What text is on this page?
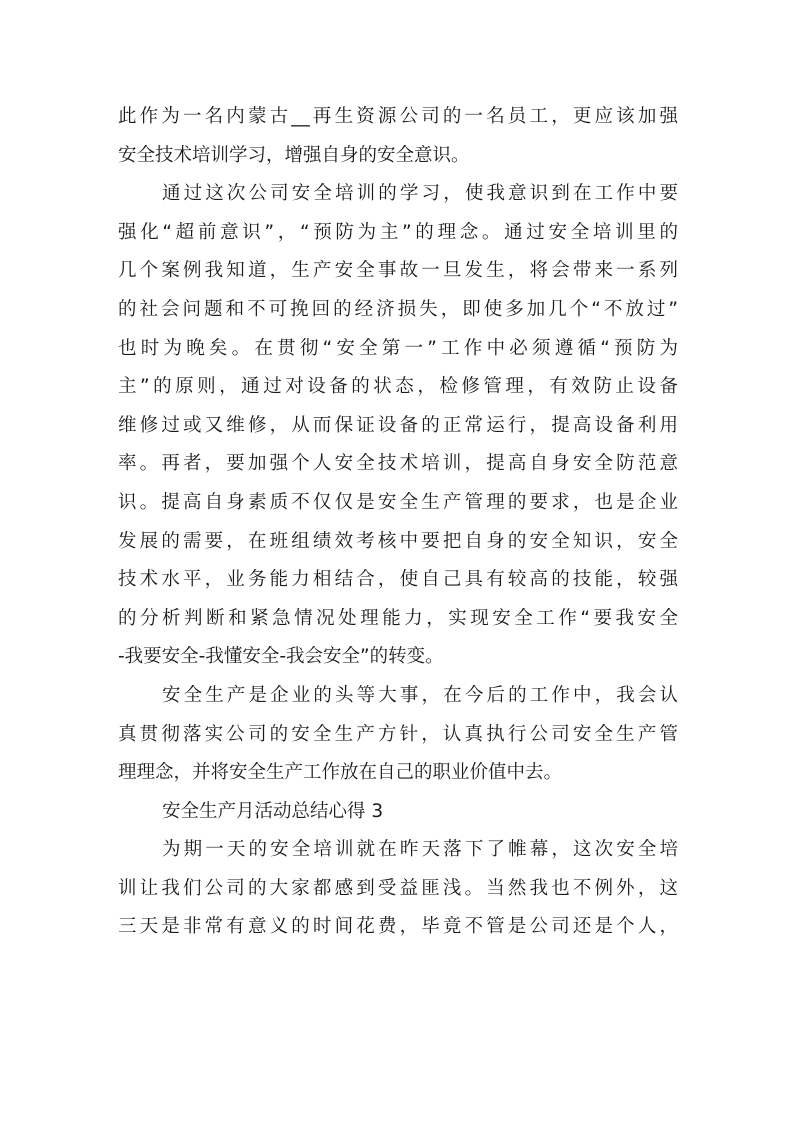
此作为一名内蒙古__再生资源公司的一名员工，更应该加强
安全技术培训学习，增强自身的安全意识。
通过这次公司安全培训的学习，使我意识到在工作中要
强化“超前意识”，“预防为主”的理念。通过安全培训里的
几个案例我知道，生产安全事故一旦发生，将会带来一系列
的社会问题和不可挽回的经济损失，即使多加几个“不放过”
也时为晚矣。在贯彻“安全第一”工作中必须遵循“预防为
主”的原则，通过对设备的状态，检修管理，有效防止设备
维修过或又维修，从而保证设备的正常运行，提高设备利用
率。再者，要加强个人安全技术培训，提高自身安全防范意
识。提高自身素质不仅仅是安全生产管理的要求，也是企业
发展的需要，在班组绩效考核中要把自身的安全知识，安全
技术水平，业务能力相结合，使自己具有较高的技能，较强
的分析判断和紧急情况处理能力，实现安全工作“要我安全
-我要安全-我懂安全-我会安全”的转变。
安全生产是企业的头等大事，在今后的工作中，我会认
真贯彻落实公司的安全生产方针，认真执行公司安全生产管
理理念，并将安全生产工作放在自己的职业价值中去。
安全生产月活动总结心得 3
为期一天的安全培训就在昨天落下了帷幕，这次安全培
训让我们公司的大家都感到受益匪浅。当然我也不例外，这
三天是非常有意义的时间花费，毕竟不管是公司还是个人，
